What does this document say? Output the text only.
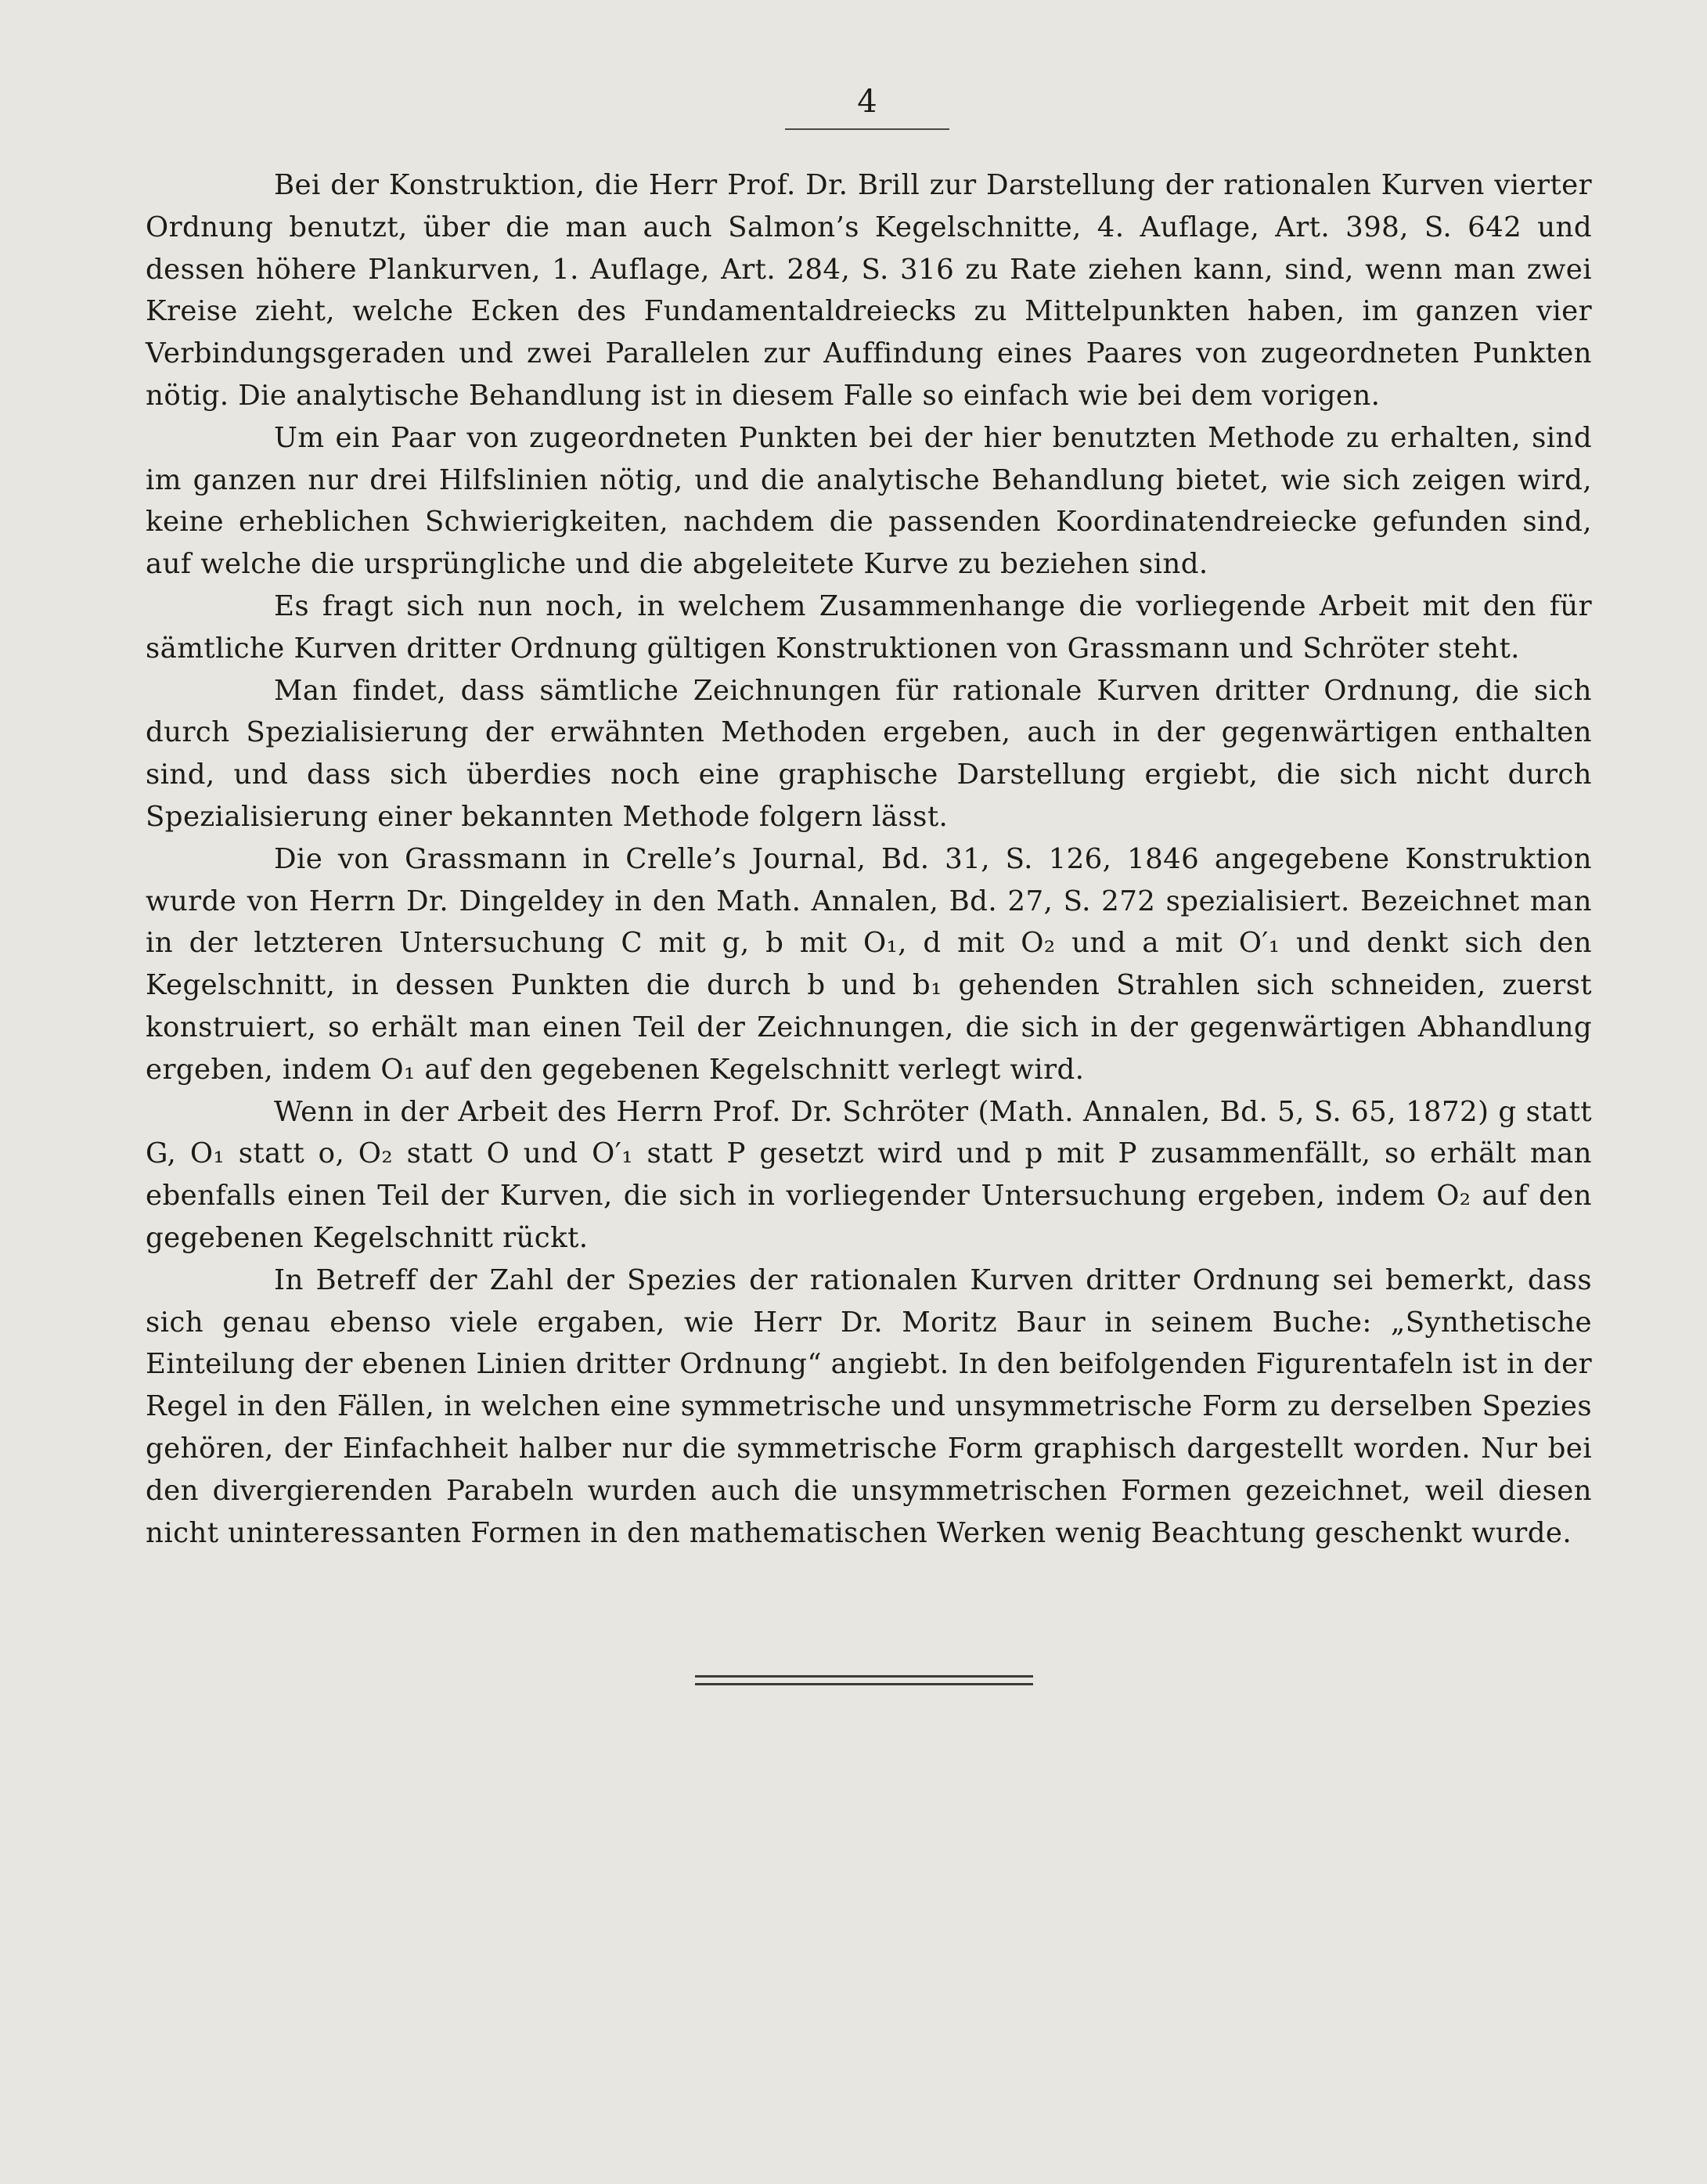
4

Bei der Konstruktion, die Herr Prof. Dr. Brill zur Darstellung der rationalen Kurven vierter Ordnung benutzt, über die man auch Salmon’s Kegelschnitte, 4. Auflage, Art. 398, S. 642 und dessen höhere Plankurven, 1. Auflage, Art. 284, S. 316 zu Rate ziehen kann, sind, wenn man zwei Kreise zieht, welche Ecken des Fundamentaldreiecks zu Mittelpunkten haben, im ganzen vier Verbindungsgeraden und zwei Parallelen zur Auffindung eines Paares von zugeordneten Punkten nötig. Die analytische Behandlung ist in diesem Falle so einfach wie bei dem vorigen.

Um ein Paar von zugeordneten Punkten bei der hier benutzten Methode zu erhalten, sind im ganzen nur drei Hilfslinien nötig, und die analytische Behandlung bietet, wie sich zeigen wird, keine erheblichen Schwierigkeiten, nachdem die passenden Koordinatendreiecke gefunden sind, auf welche die ursprüngliche und die abgeleitete Kurve zu beziehen sind.

Es fragt sich nun noch, in welchem Zusammenhange die vorliegende Arbeit mit den für sämtliche Kurven dritter Ordnung gültigen Konstruktionen von Grassmann und Schröter steht.

Man findet, dass sämtliche Zeichnungen für rationale Kurven dritter Ordnung, die sich durch Spezialisierung der erwähnten Methoden ergeben, auch in der gegenwärtigen enthalten sind, und dass sich überdies noch eine graphische Darstellung ergiebt, die sich nicht durch Spezialisierung einer bekannten Methode folgern lässt.

Die von Grassmann in Crelle’s Journal, Bd. 31, S. 126, 1846 angegebene Konstruktion wurde von Herrn Dr. Dingeldey in den Math. Annalen, Bd. 27, S. 272 spezialisiert. Bezeichnet man in der letzteren Untersuchung C mit g, b mit O₁, d mit O₂ und a mit O′₁ und denkt sich den Kegelschnitt, in dessen Punkten die durch b und b₁ gehenden Strahlen sich schneiden, zuerst konstruiert, so erhält man einen Teil der Zeichnungen, die sich in der gegenwärtigen Abhandlung ergeben, indem O₁ auf den gegebenen Kegelschnitt verlegt wird.

Wenn in der Arbeit des Herrn Prof. Dr. Schröter (Math. Annalen, Bd. 5, S. 65, 1872) g statt G, O₁ statt o, O₂ statt O und O′₁ statt P gesetzt wird und p mit P zusammenfällt, so erhält man ebenfalls einen Teil der Kurven, die sich in vorliegender Untersuchung ergeben, indem O₂ auf den gegebenen Kegelschnitt rückt.

In Betreff der Zahl der Spezies der rationalen Kurven dritter Ordnung sei bemerkt, dass sich genau ebenso viele ergaben, wie Herr Dr. Moritz Baur in seinem Buche: „Synthetische Einteilung der ebenen Linien dritter Ordnung“ angiebt. In den beifolgenden Figurentafeln ist in der Regel in den Fällen, in welchen eine symmetrische und unsymmetrische Form zu derselben Spezies gehören, der Einfachheit halber nur die symmetrische Form graphisch dargestellt worden. Nur bei den divergierenden Parabeln wurden auch die unsymmetrischen Formen gezeichnet, weil diesen nicht uninteressanten Formen in den mathematischen Werken wenig Beachtung geschenkt wurde.
